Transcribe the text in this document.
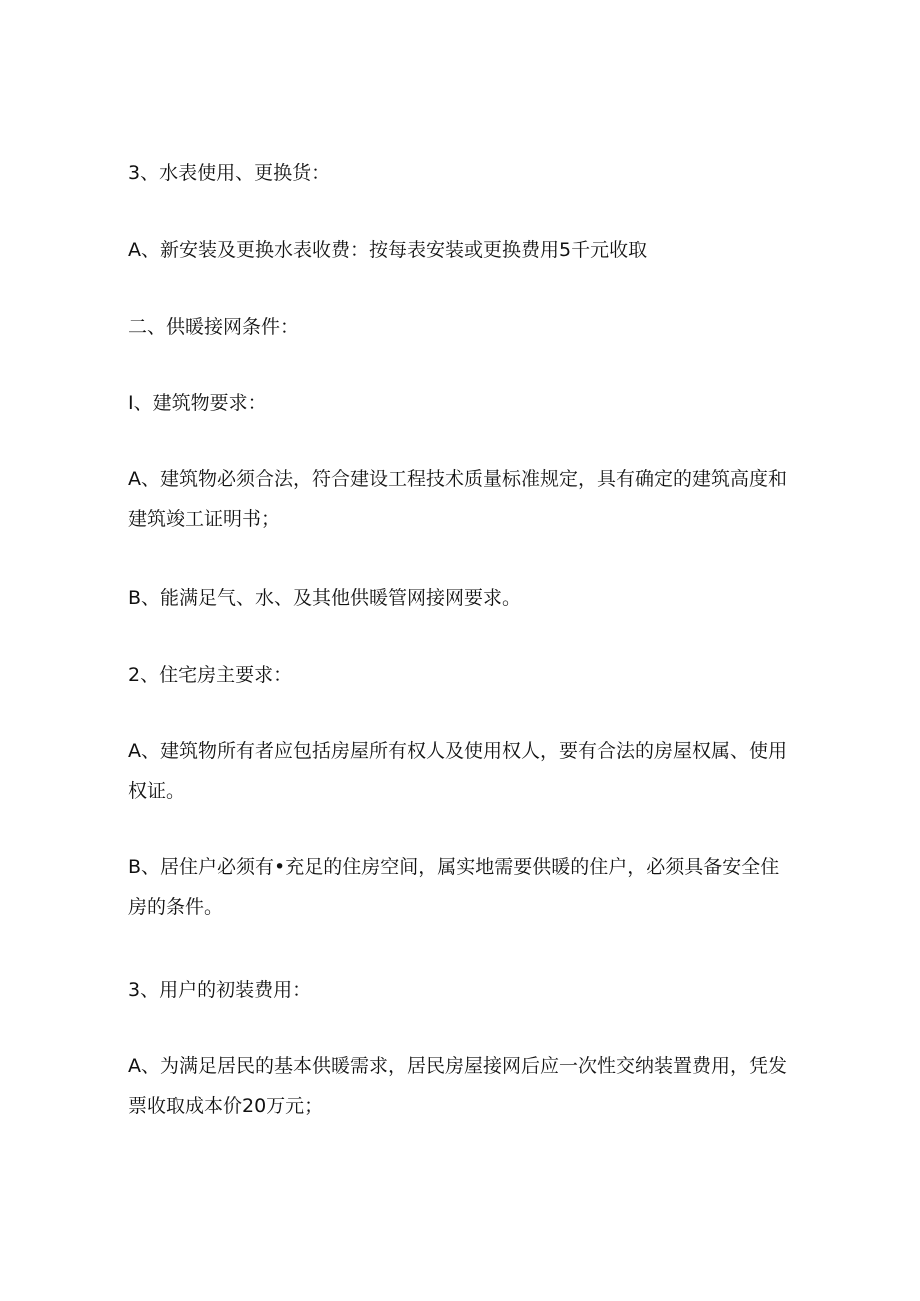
3、水表使用、更换货：

A、新安装及更换水表收费：按每表安装或更换费用5千元收取

二、供暖接网条件：

I、建筑物要求：

A、建筑物必须合法，符合建设工程技术质量标准规定，具有确定的建筑高度和建筑竣工证明书；

B、能满足气、水、及其他供暖管网接网要求。

2、住宅房主要求：

A、建筑物所有者应包括房屋所有权人及使用权人，要有合法的房屋权属、使用权证。

B、居住户必须有•充足的住房空间，属实地需要供暖的住户，必须具备安全住房的条件。

3、用户的初装费用：

A、为满足居民的基本供暖需求，居民房屋接网后应一次性交纳装置费用，凭发票收取成本价20万元；
